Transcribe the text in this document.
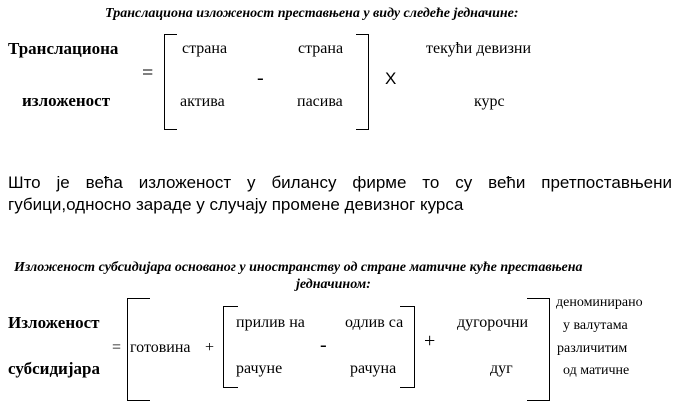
Транслациона изложеност преставњена у виду следеће једначине:
Транслациона
изложеност
=
страна
актива
-
страна
пасива
X
текући девизни
курс
Што је већа изложеност у билансу фирме то су већи претпоставњени
губици,односно зараде у случају промене девизног курса
Изложеност субсидијара основаног у иностранству од стране матичне куће преставњена
једначином:
Изложеност
субсидијара
= готовина +
прилив на
рачуне
-
одлив са
рачуна
+
дугорочни
дуг
деноминирано
у валутама
различитим
од матичне
